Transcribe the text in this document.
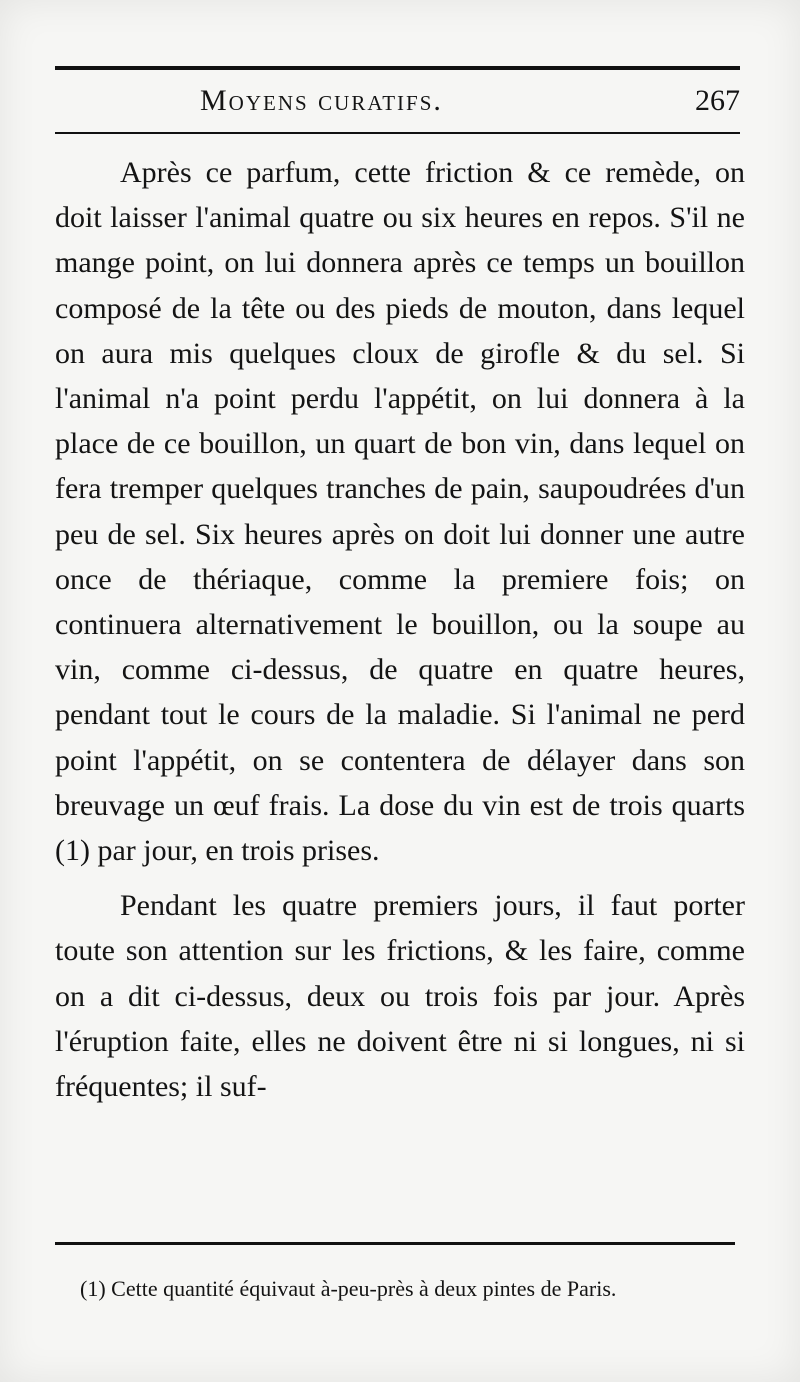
Moyens curatifs.	267

Après ce parfum, cette friction & ce remède, on doit laisser l'animal quatre ou six heures en repos. S'il ne mange point, on lui donnera après ce temps un bouillon composé de la tête ou des pieds de mouton, dans lequel on aura mis quelques cloux de girofle & du sel. Si l'animal n'a point perdu l'appétit, on lui donnera à la place de ce bouillon, un quart de bon vin, dans lequel on fera tremper quelques tranches de pain, saupoudrées d'un peu de sel. Six heures après on doit lui donner une autre once de thériaque, comme la premiere fois; on continuera alternativement le bouillon, ou la soupe au vin, comme ci-dessus, de quatre en quatre heures, pendant tout le cours de la maladie. Si l'animal ne perd point l'appétit, on se contentera de délayer dans son breuvage un œuf frais. La dose du vin est de trois quarts (1) par jour, en trois prises.

Pendant les quatre premiers jours, il faut porter toute son attention sur les frictions, & les faire, comme on a dit ci-dessus, deux ou trois fois par jour. Après l'éruption faite, elles ne doivent être ni si longues, ni si fréquentes; il suf-

(1) Cette quantité équivaut à-peu-près à deux pintes de Paris.
